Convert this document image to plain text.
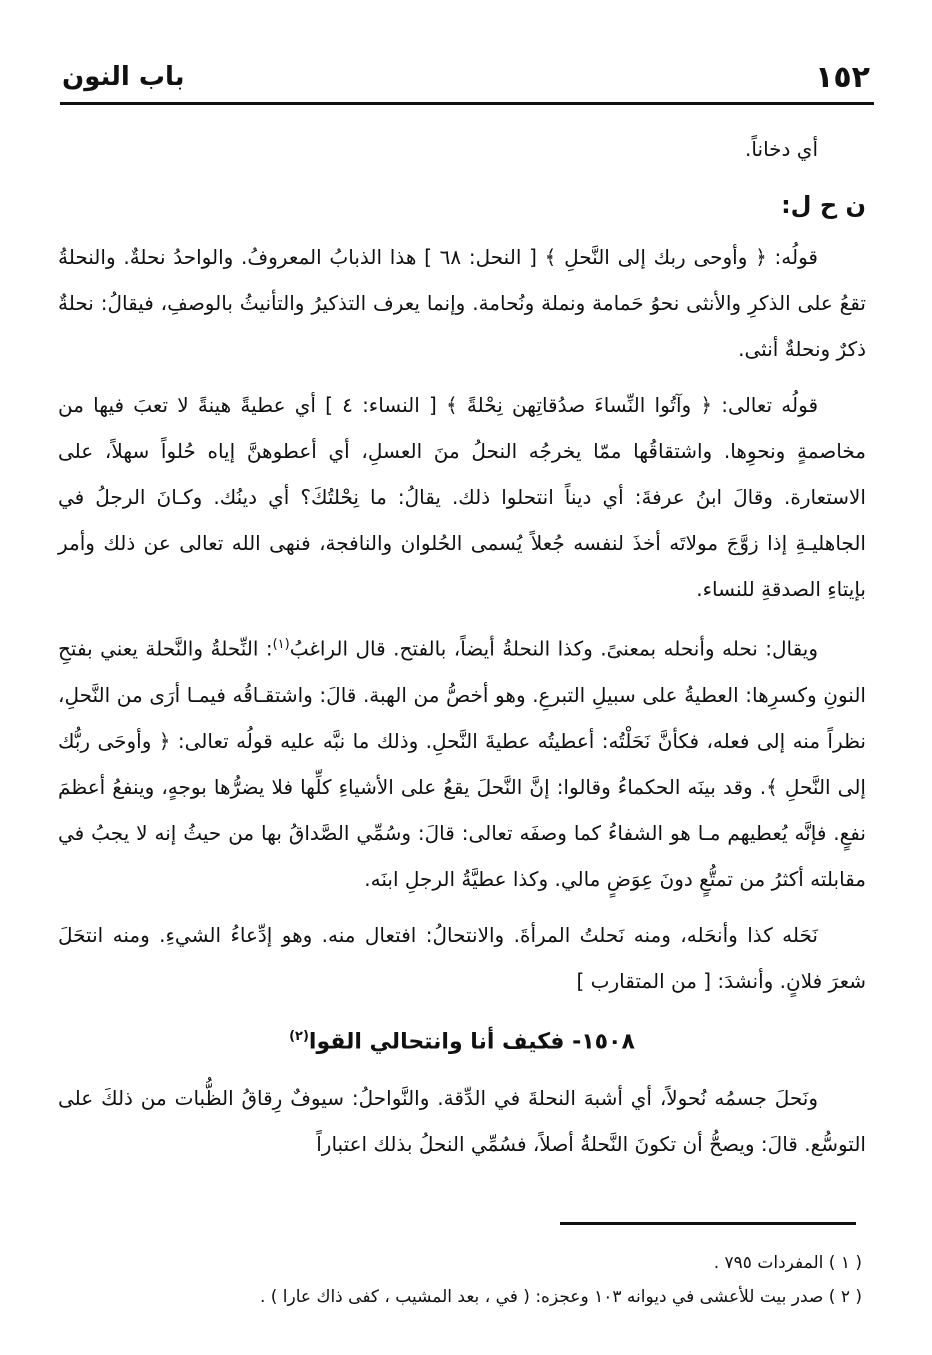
١٥٢
باب النون

أي دخاناً.

ن ح ل:

قولُه: ﴿ وأوحى ربك إلى النَّحلِ ﴾ [ النحل: ٦٨ ] هذا الذبابُ المعروفُ. والواحدُ نحلةٌ. والنحلةُ تقعُ على الذكرِ والأنثى نحوُ حَمامة ونملة ونُحامة. وإنما يعرف التذكيرُ والتأنيثُ بالوصفِ، فيقالُ: نحلةٌ ذكرٌ ونحلةٌ أنثى.

قولُه تعالى: ﴿ وآتُوا النِّساءَ صدُقاتِهن نِحْلةً ﴾ [ النساء: ٤ ] أي عطيةً هينةً لا تعبَ فيها من مخاصمةٍ ونحوِها. واشتقاقُها ممّا يخرجُه النحلُ منَ العسلِ، أي أعطوهنَّ إياه حُلواً سهلاً، على الاستعارة. وقالَ ابنُ عرفةَ: أي ديناً انتحلوا ذلك. يقالُ: ما نِحْلتُكَ؟ أي دينُك. وكـانَ الرجلُ في الجاهليـةِ إذا زوَّجَ مولاتَه أخذَ لنفسه جُعلاً يُسمى الحُلوان والنافجة، فنهى الله تعالى عن ذلك وأمر بإيتاءِ الصدقةِ للنساء.

ويقال: نحله وأنحله بمعنىً. وكذا النحلةُ أيضاً، بالفتح. قال الراغبُ$^{(١)}$: النِّحلةُ والنَّحلة يعني بفتحِ النونِ وكسرِها: العطيةُ على سبيلِ التبرعِ. وهو أخصُّ من الهبة. قالَ: واشتقـاقُه فيمـا أرَى من النَّحلِ، نظراً منه إلى فعله، فكأنَّ نَحَلْتُه: أعطيتُه عطيةَ النَّحلِ. وذلك ما نبَّه عليه قولُه تعالى: ﴿ وأوحَى ربُّك إلى النَّحلِ ﴾. وقد بينَه الحكماءُ وقالوا: إنَّ النَّحلَ يقعُ على الأشياءِ كلِّها فلا يضرُّها بوجهٍ، وينفعُ أعظمَ نفعٍ. فإنَّه يُعطيهم مـا هو الشفاءُ كما وصفَه تعالى: قالَ: وسُمِّي الصَّداقُ بها من حيثُ إنه لا يجبُ في مقابلته أكثرُ من تمتُّعٍ دونَ عِوَضٍ مالي. وكذا عطيَّةُ الرجلِ ابنَه.

نَحَله كذا وأنحَله، ومنه نَحلتُ المرأةَ. والانتحالُ: افتعال منه. وهو إدِّعاءُ الشيءِ. ومنه انتحَلَ شعرَ فلانٍ. وأنشدَ: [ من المتقارب ]

١٥٠٨- فكيف أنا وانتحالي القوا$^{(٢)}$

ونَحلَ جسمُه نُحولاً، أي أشبهَ النحلةَ في الدِّقة. والنَّواحلُ: سيوفٌ رِقاقُ الظُّبات من ذلكَ على التوسُّع. قالَ: ويصحُّ أن تكونَ النَّحلةُ أصلاً، فسُمِّي النحلُ بذلك اعتباراً

( ١ ) المفردات ٧٩٥ .

( ٢ ) صدر بيت للأعشى في ديوانه ١٠٣ وعجزه: ( في ، بعد المشيب ، كفى ذاك عارا ) .
